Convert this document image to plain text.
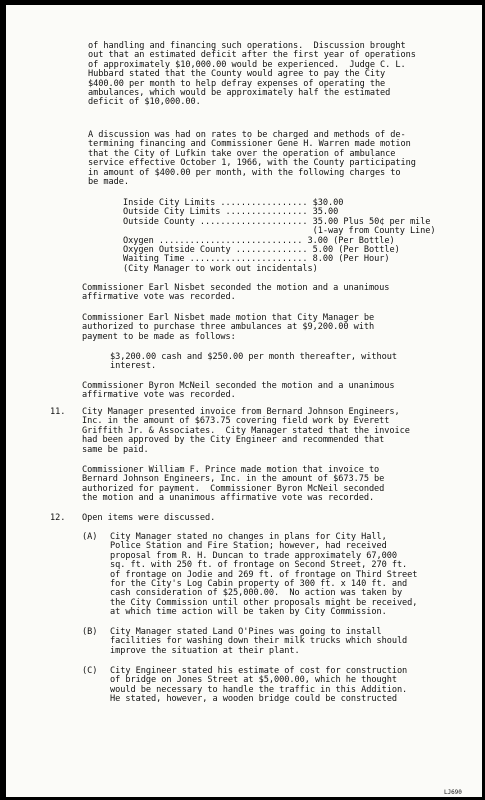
of handling and financing such operations.  Discussion brought
out that an estimated deficit after the first year of operations
of approximately $10,000.00 would be experienced.  Judge C. L.
Hubbard stated that the County would agree to pay the City
$400.00 per month to help defray expenses of operating the
ambulances, which would be approximately half the estimated
deficit of $10,000.00.
A discussion was had on rates to be charged and methods of de-
termining financing and Commissioner Gene H. Warren made motion
that the City of Lufkin take over the operation of ambulance
service effective October 1, 1966, with the County participating
in amount of $400.00 per month, with the following charges to
be made.
Inside City Limits ................. $30.00
Outside City Limits ................ 35.00
Outside County ..................... 35.00 Plus 50¢ per mile
(1-way from County Line)
Oxygen ............................ 3.00 (Per Bottle)
Oxygen Outside County .............. 5.00 (Per Bottle)
Waiting Time ....................... 8.00 (Per Hour)
(City Manager to work out incidentals)
Commissioner Earl Nisbet seconded the motion and a unanimous
affirmative vote was recorded.
Commissioner Earl Nisbet made motion that City Manager be
authorized to purchase three ambulances at $9,200.00 with
payment to be made as follows:
$3,200.00 cash and $250.00 per month thereafter, without
interest.
Commissioner Byron McNeil seconded the motion and a unanimous
affirmative vote was recorded.
11. City Manager presented invoice from Bernard Johnson Engineers,
Inc. in the amount of $673.75 covering field work by Everett
Griffith Jr. & Associates.  City Manager stated that the invoice
had been approved by the City Engineer and recommended that
same be paid.
Commissioner William F. Prince made motion that invoice to
Bernard Johnson Engineers, Inc. in the amount of $673.75 be
authorized for payment.  Commissioner Byron McNeil seconded
the motion and a unanimous affirmative vote was recorded.
12. Open items were discussed.
(A) City Manager stated no changes in plans for City Hall,
Police Station and Fire Station; however, had received
proposal from R. H. Duncan to trade approximately 67,000
sq. ft. with 250 ft. of frontage on Second Street, 270 ft.
of frontage on Jodie and 269 ft. of frontage on Third Street
for the City's Log Cabin property of 300 ft. x 140 ft. and
cash consideration of $25,000.00.  No action was taken by
the City Commission until other proposals might be received,
at which time action will be taken by City Commission.
(B) City Manager stated Land O'Pines was going to install
facilities for washing down their milk trucks which should
improve the situation at their plant.
(C) City Engineer stated his estimate of cost for construction
of bridge on Jones Street at $5,000.00, which he thought
would be necessary to handle the traffic in this Addition.
He stated, however, a wooden bridge could be constructed
LJ690
